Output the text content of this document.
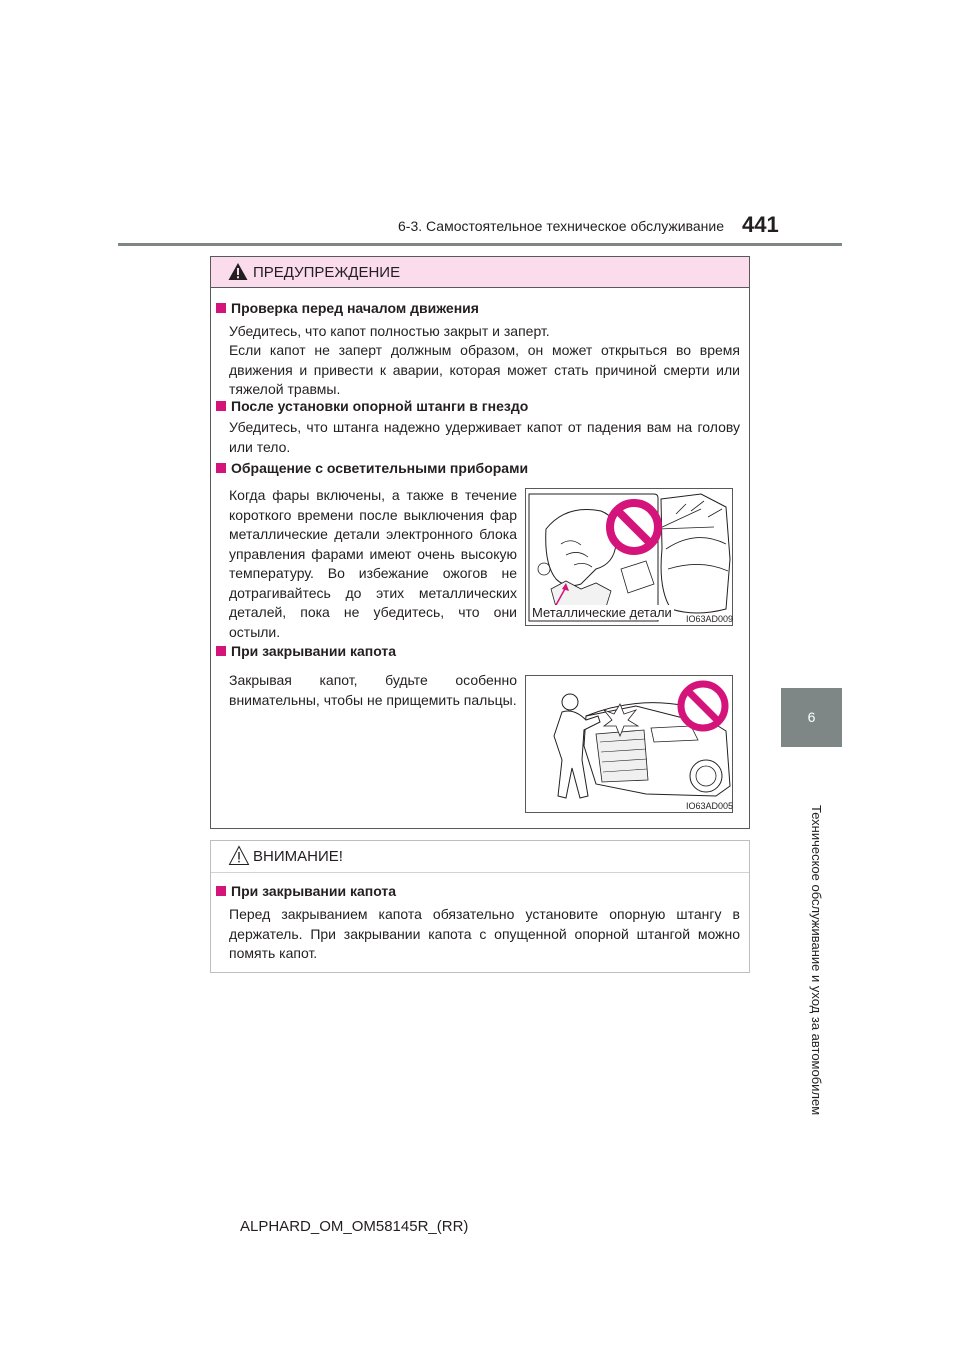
6-3. Самостоятельное техническое обслуживание 441
6
Техническое обслуживание и уход за автомобилем
ПРЕДУПРЕЖДЕНИЕ
Проверка перед началом движения
Убедитесь, что капот полностью закрыт и заперт.
Если капот не заперт должным образом, он может открыться во время движения и привести к аварии, которая может стать причиной смерти или тяжелой травмы.
После установки опорной штанги в гнездо
Убедитесь, что штанга надежно удерживает капот от падения вам на голову или тело.
Обращение с осветительными приборами
Когда фары включены, а также в течение короткого времени после выключения фар металлические детали электронного блока управления фарами имеют очень высокую температуру. Во избежание ожогов не дотрагивайтесь до этих металлических деталей, пока не убедитесь, что они остыли.
Металлические детали IO63AD009
При закрывании капота
Закрывая капот, будьте особенно внимательны, чтобы не прищемить пальцы.
IO63AD005
ВНИМАНИЕ!
При закрывании капота
Перед закрыванием капота обязательно установите опорную штангу в держатель. При закрывании капота с опущенной опорной штангой можно помять капот.
ALPHARD_OM_OM58145R_(RR)
